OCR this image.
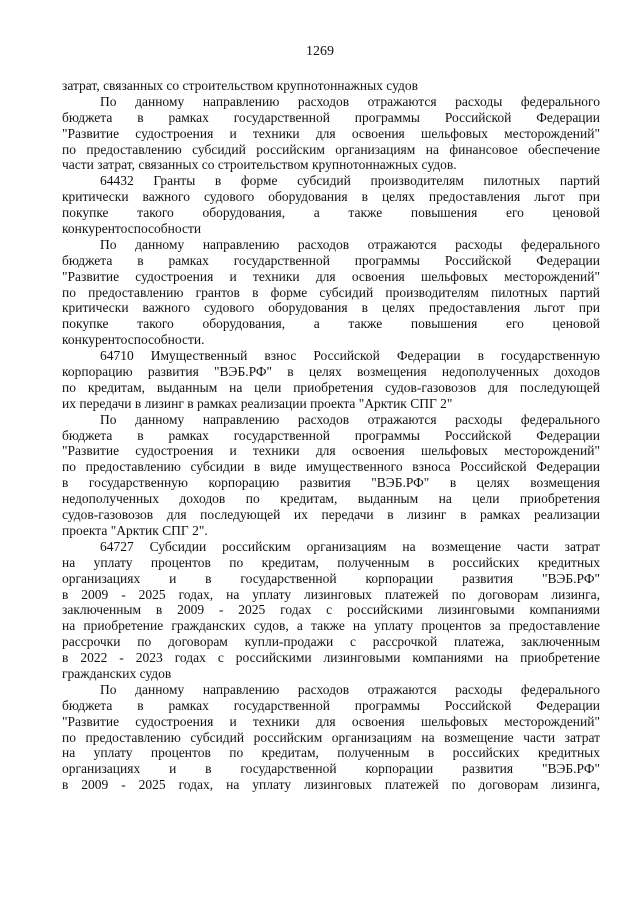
1269
затрат, связанных со строительством крупнотоннажных судов
По данному направлению расходов отражаются расходы федерального
бюджета в рамках государственной программы Российской Федерации
"Развитие судостроения и техники для освоения шельфовых месторождений"
по предоставлению субсидий российским организациям на финансовое обеспечение
части затрат, связанных со строительством крупнотоннажных судов.
64432 Гранты в форме субсидий производителям пилотных партий
критически важного судового оборудования в целях предоставления льгот при
покупке такого оборудования, а также повышения его ценовой
конкурентоспособности
По данному направлению расходов отражаются расходы федерального
бюджета в рамках государственной программы Российской Федерации
"Развитие судостроения и техники для освоения шельфовых месторождений"
по предоставлению грантов в форме субсидий производителям пилотных партий
критически важного судового оборудования в целях предоставления льгот при
покупке такого оборудования, а также повышения его ценовой
конкурентоспособности.
64710 Имущественный взнос Российской Федерации в государственную
корпорацию развития "ВЭБ.РФ" в целях возмещения недополученных доходов
по кредитам, выданным на цели приобретения судов-газовозов для последующей
их передачи в лизинг в рамках реализации проекта "Арктик СПГ 2"
По данному направлению расходов отражаются расходы федерального
бюджета в рамках государственной программы Российской Федерации
"Развитие судостроения и техники для освоения шельфовых месторождений"
по предоставлению субсидии в виде имущественного взноса Российской Федерации
в государственную корпорацию развития "ВЭБ.РФ" в целях возмещения
недополученных доходов по кредитам, выданным на цели приобретения
судов-газовозов для последующей их передачи в лизинг в рамках реализации
проекта "Арктик СПГ 2".
64727 Субсидии российским организациям на возмещение части затрат
на уплату процентов по кредитам, полученным в российских кредитных
организациях и в государственной корпорации развития "ВЭБ.РФ"
в 2009 - 2025 годах, на уплату лизинговых платежей по договорам лизинга,
заключенным в 2009 - 2025 годах с российскими лизинговыми компаниями
на приобретение гражданских судов, а также на уплату процентов за предоставление
рассрочки по договорам купли-продажи с рассрочкой платежа, заключенным
в 2022 - 2023 годах с российскими лизинговыми компаниями на приобретение
гражданских судов
По данному направлению расходов отражаются расходы федерального
бюджета в рамках государственной программы Российской Федерации
"Развитие судостроения и техники для освоения шельфовых месторождений"
по предоставлению субсидий российским организациям на возмещение части затрат
на уплату процентов по кредитам, полученным в российских кредитных
организациях и в государственной корпорации развития "ВЭБ.РФ"
в 2009 - 2025 годах, на уплату лизинговых платежей по договорам лизинга,
